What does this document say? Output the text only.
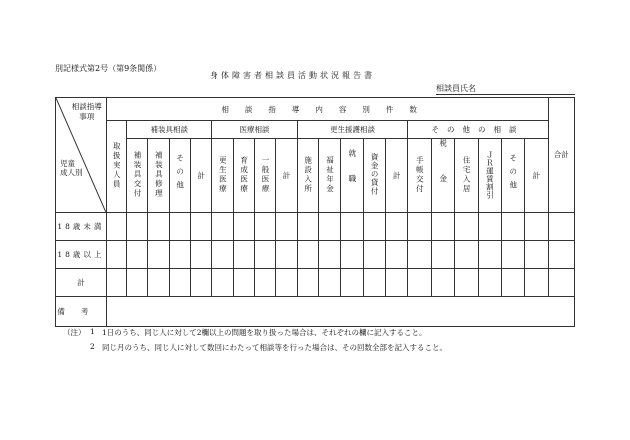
別記様式第2号（第9条関係）
身体障害者相談員活動状況報告書
相談員氏名
相談指導
事項
児童
成人別	相談指導内容別件数																				合計
	取扱実人員	補装具相談				医療相談				更生援護相談					その他の相談						
		補装具交付	補装具修理	その他	計	更生医療	育成医療	一般医療	計	施設入所	福祉年金	就職	資金の貸付	計	手帳交付	税金	住宅入居	ＪＲ運賃割引	その他	計	
18歳未満																					
18歳以上																					
計																					
備考																					
（注） 1 1日のうち、同じ人に対して2欄以上の問題を取り扱った場合は、それぞれの欄に記入すること。
2 同じ月のうち、同じ人に対して数回にわたって相談等を行った場合は、その回数全部を記入すること。
